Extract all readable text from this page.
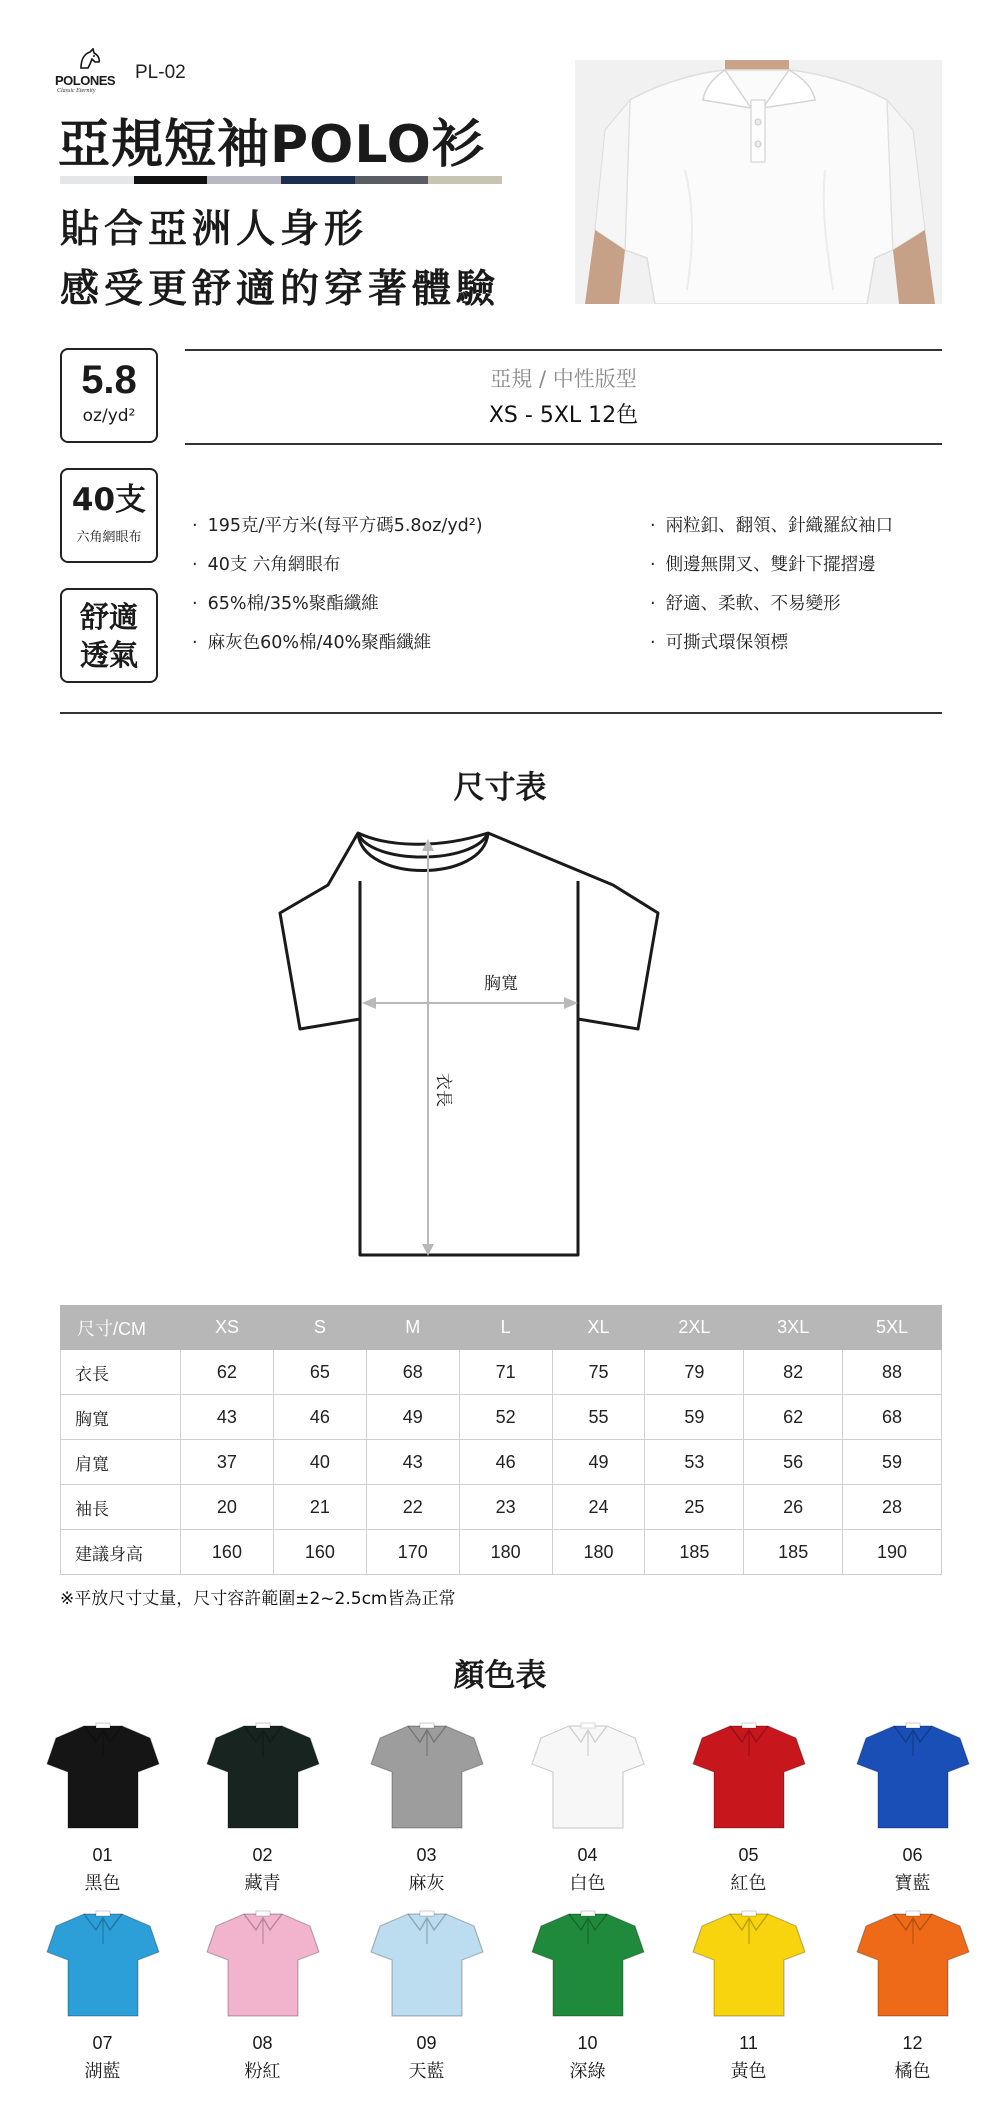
POLONES
Classic Eternity
PL-02
亞規短袖POLO衫
貼合亞洲人身形
感受更舒適的穿著體驗
5.8
oz/yd²
40支
六角網眼布
舒適
透氣
亞規 / 中性版型
XS - 5XL 12色
· 195克/平方米(每平方碼5.8oz/yd²)
· 40支 六角網眼布
· 65%棉/35%聚酯纖維
· 麻灰色60%棉/40%聚酯纖維
· 兩粒釦、翻領、針織羅紋袖口
· 側邊無開叉、雙針下擺摺邊
· 舒適、柔軟、不易變形
· 可撕式環保領標
尺寸表
胸寬
衣長
尺寸/CM	XS	S	M	L	XL	2XL	3XL	5XL
衣長	62	65	68	71	75	79	82	88
胸寬	43	46	49	52	55	59	62	68
肩寬	37	40	43	46	49	53	56	59
袖長	20	21	22	23	24	25	26	28
建議身高	160	160	170	180	180	185	185	190
※平放尺寸丈量，尺寸容許範圍±2~2.5cm皆為正常
顏色表
01
黑色
02
藏青
03
麻灰
04
白色
05
紅色
06
寶藍
07
湖藍
08
粉紅
09
天藍
10
深綠
11
黃色
12
橘色
